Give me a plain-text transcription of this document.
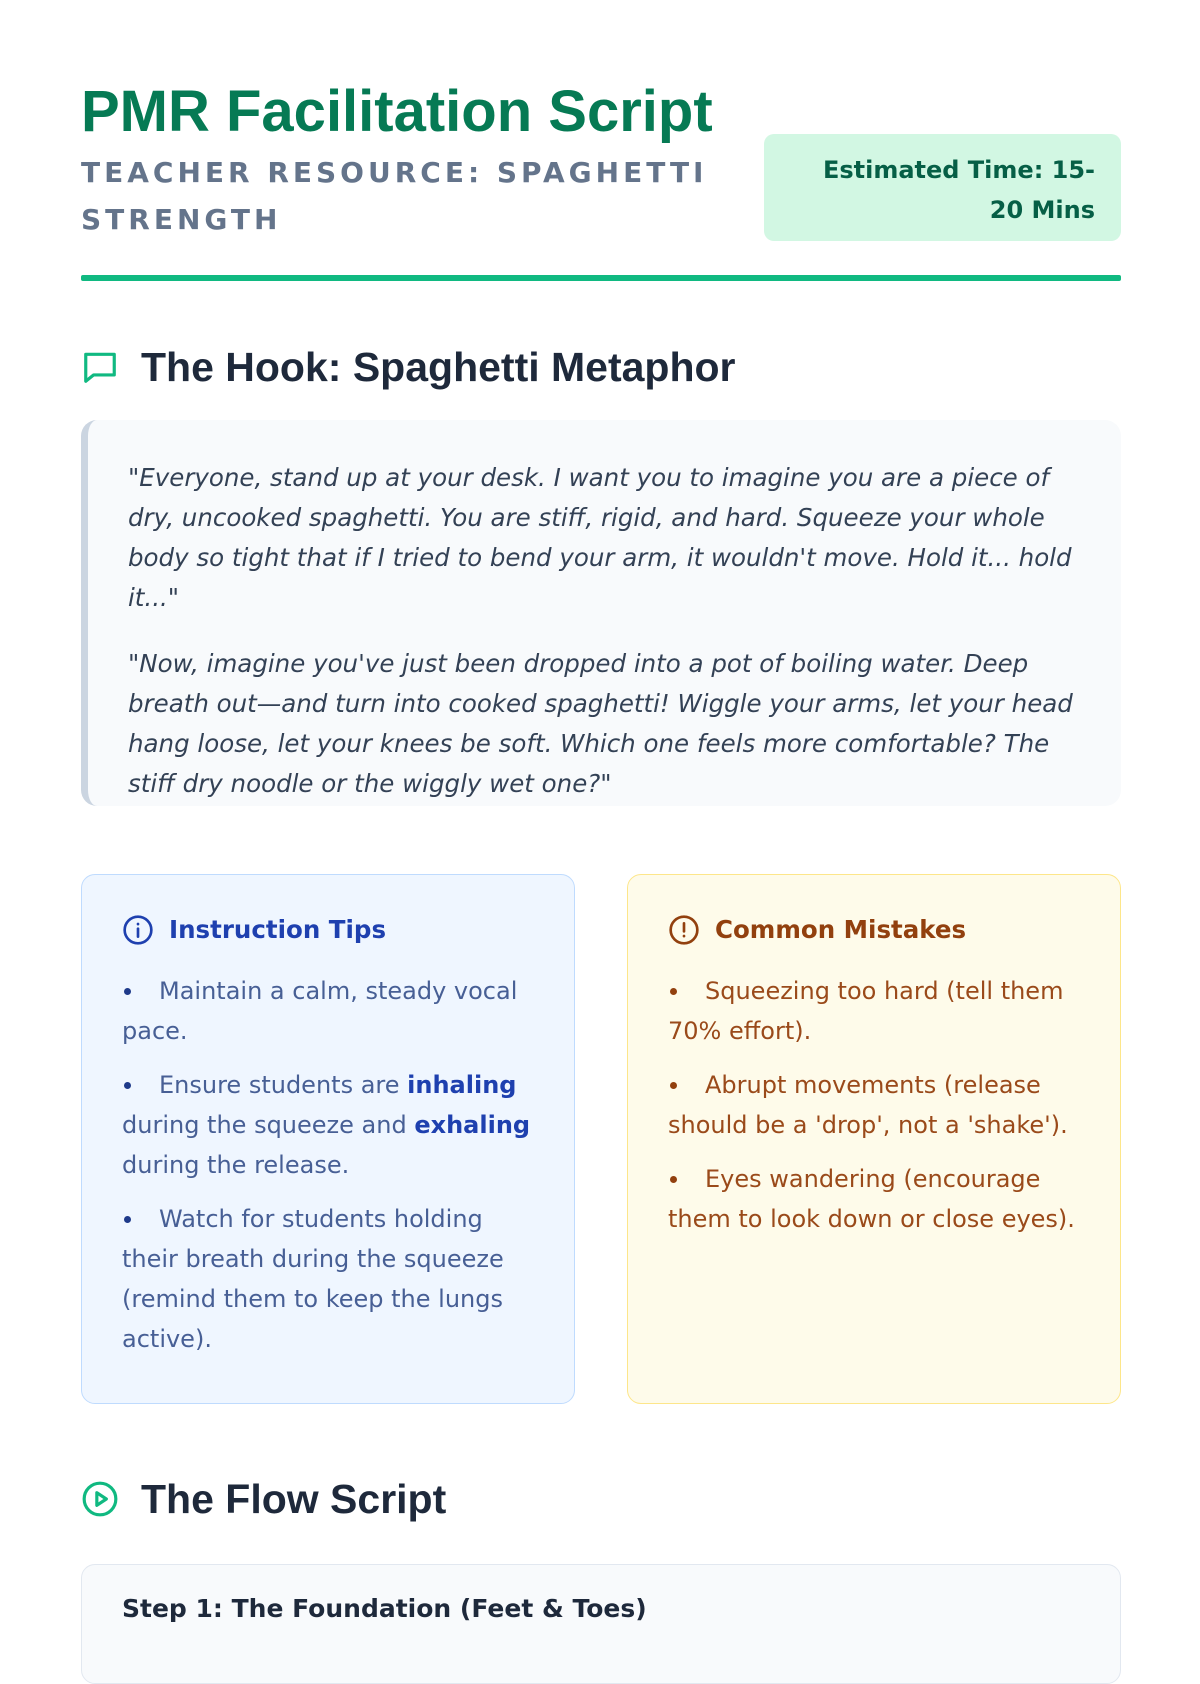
PMR Facilitation Script
TEACHER RESOURCE: SPAGHETTI STRENGTH
Estimated Time: 15-20 Mins
The Hook: Spaghetti Metaphor

"Everyone, stand up at your desk. I want you to imagine you are a piece of dry, uncooked spaghetti. You are stiff, rigid, and hard. Squeeze your whole body so tight that if I tried to bend your arm, it wouldn't move. Hold it... hold it..."

"Now, imagine you've just been dropped into a pot of boiling water. Deep breath out—and turn into cooked spaghetti! Wiggle your arms, let your head hang loose, let your knees be soft. Which one feels more comfortable? The stiff dry noodle or the wiggly wet one?"

Instruction Tips
Maintain a calm, steady vocal pace.
Ensure students are inhaling during the squeeze and exhaling during the release.
Watch for students holding their breath during the squeeze (remind them to keep the lungs active).
Common Mistakes
Squeezing too hard (tell them 70% effort).
Abrupt movements (release should be a 'drop', not a 'shake').
Eyes wandering (encourage them to look down or close eyes).
The Flow Script
Step 1: The Foundation (Feet & Toes)
